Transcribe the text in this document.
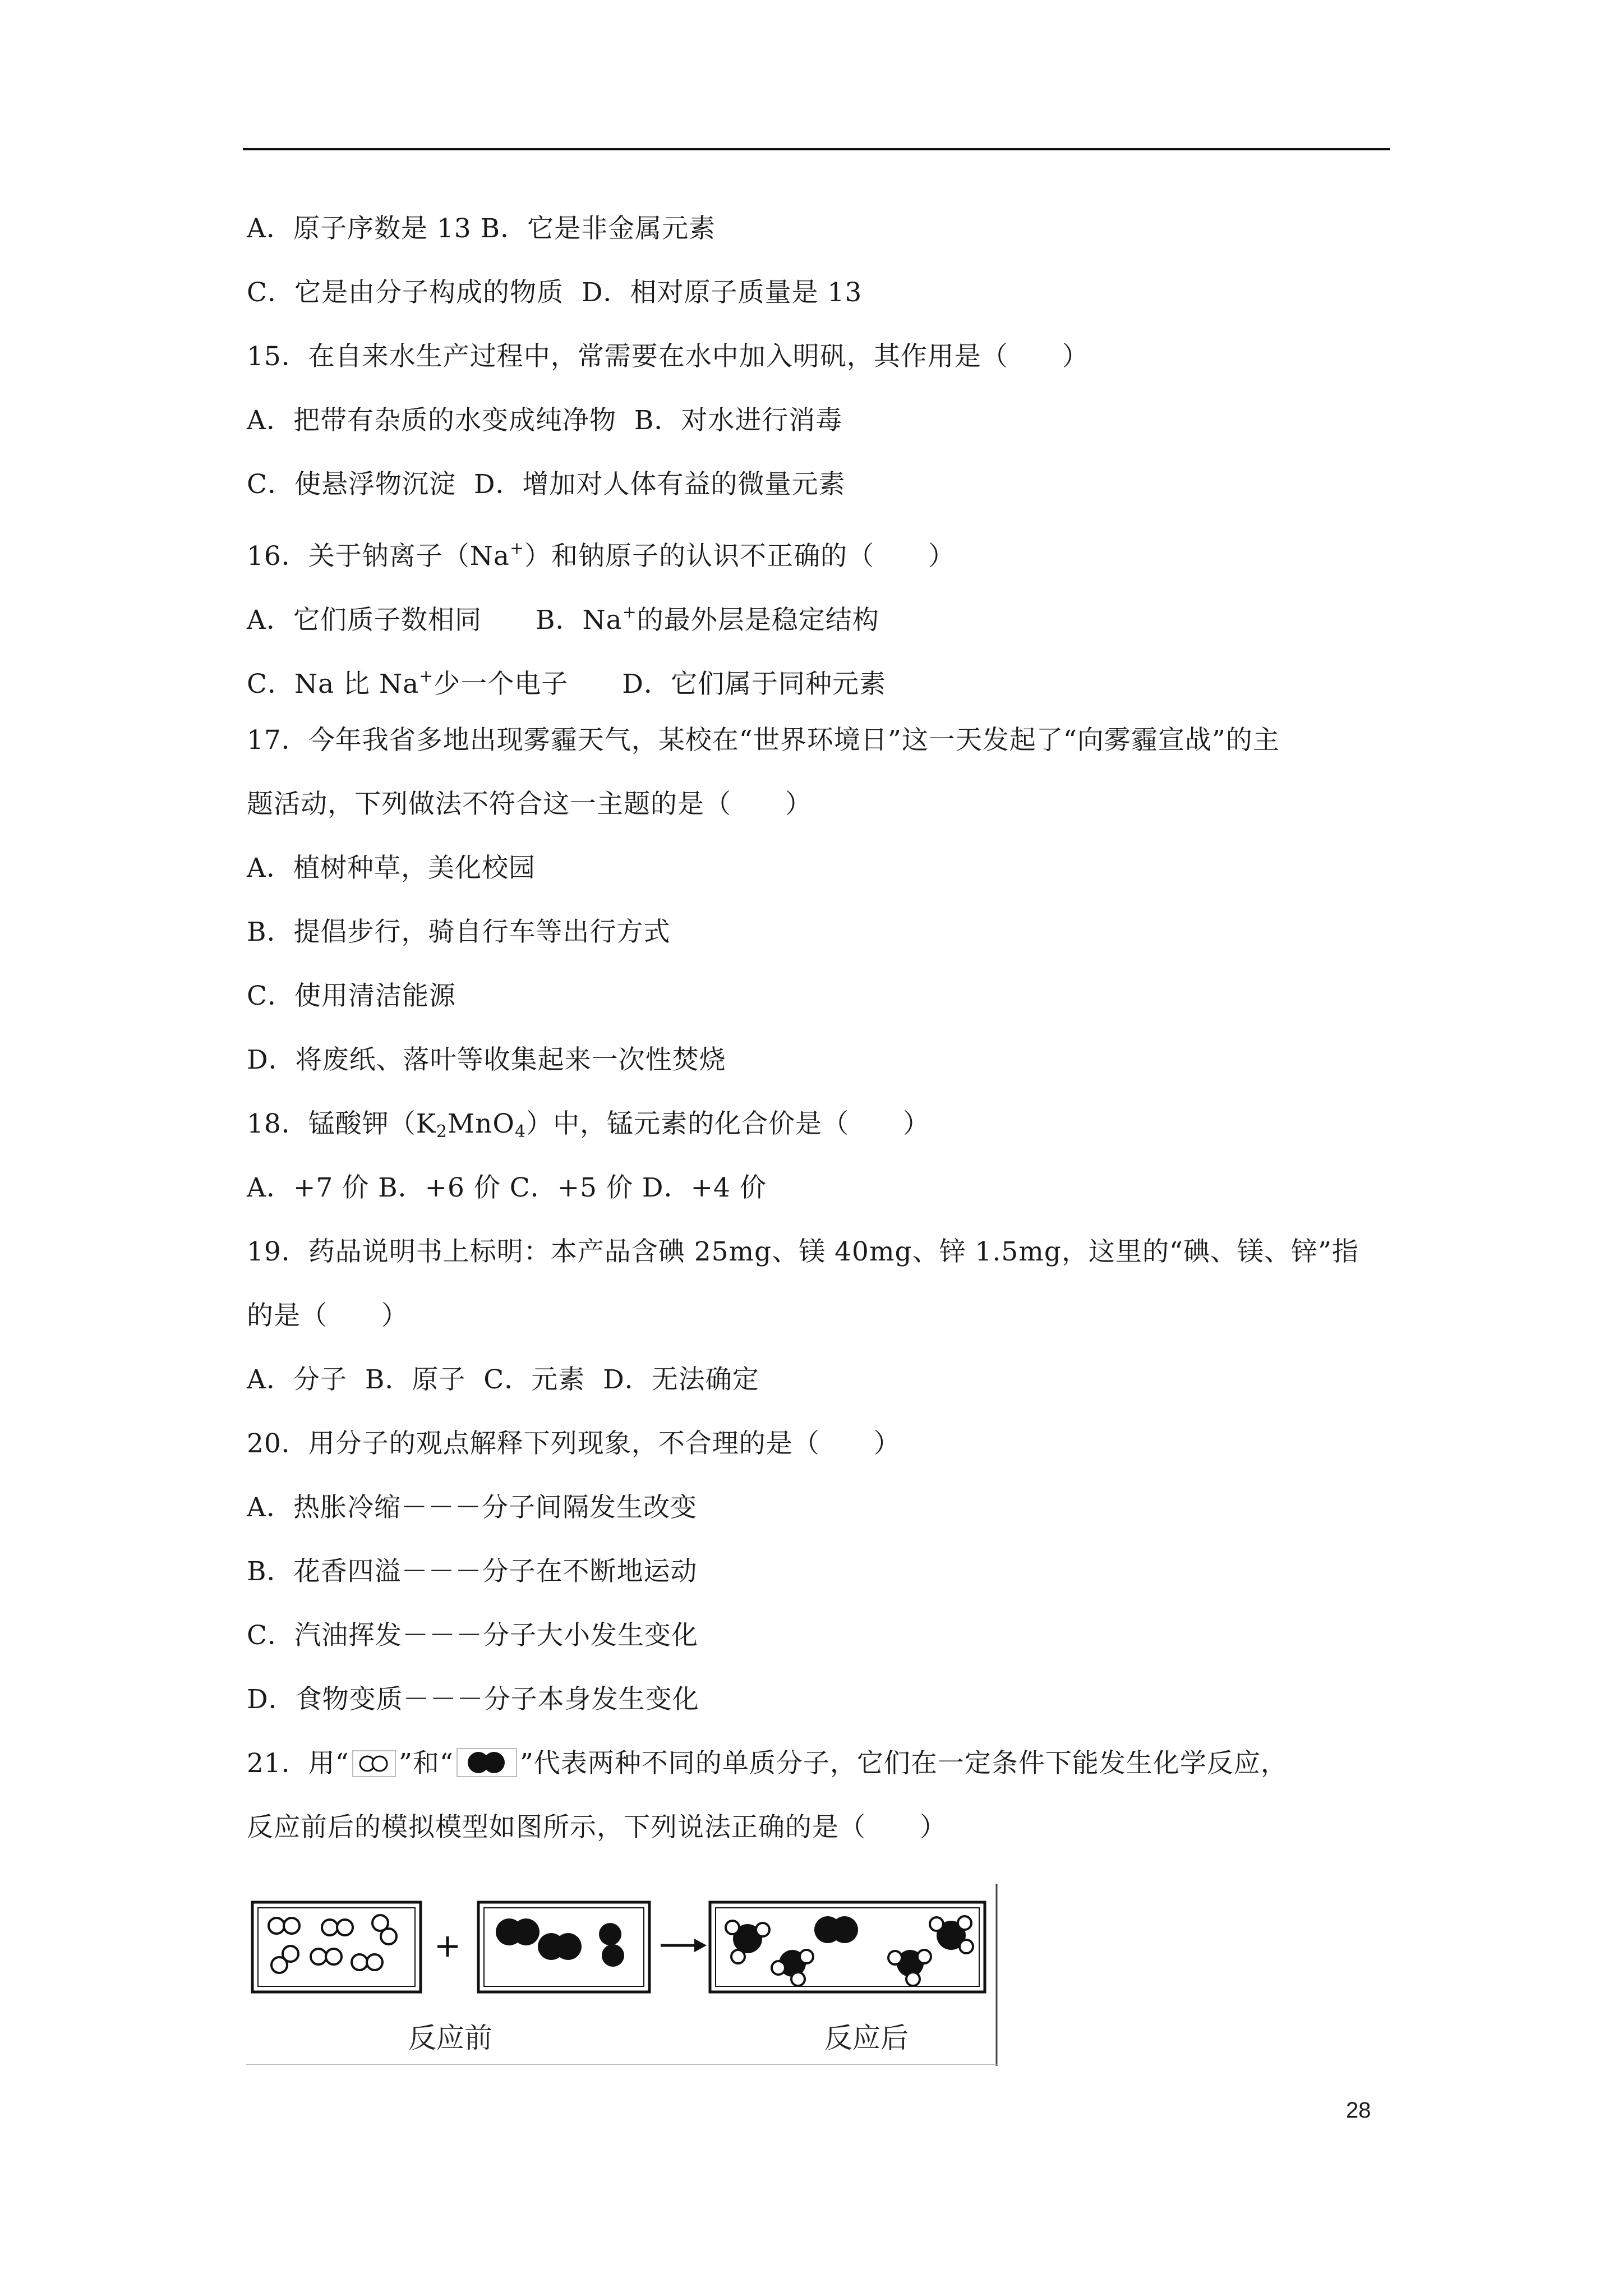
A．原子序数是 13 B．它是非金属元素
C．它是由分子构成的物质  D．相对原子质量是 13
15．在自来水生产过程中，常需要在水中加入明矾，其作用是（　　）
A．把带有杂质的水变成纯净物  B．对水进行消毒
C．使悬浮物沉淀  D．增加对人体有益的微量元素
16．关于钠离子（Na+）和钠原子的认识不正确的（　　）
A．它们质子数相同　　B．Na+的最外层是稳定结构
C．Na 比 Na+少一个电子　　D．它们属于同种元素
17．今年我省多地出现雾霾天气，某校在“世界环境日”这一天发起了“向雾霾宣战”的主
题活动，下列做法不符合这一主题的是（　　）
A．植树种草，美化校园
B．提倡步行，骑自行车等出行方式
C．使用清洁能源
D．将废纸、落叶等收集起来一次性焚烧
18．锰酸钾$(K_2MnO_4)$中，锰元素的化合价是（　　）
A．+7 价 B．+6 价 C．+5 价 D．+4 价
19．药品说明书上标明：本产品含碘 25mg、镁 40mg、锌 1.5mg，这里的“碘、镁、锌”指
的是（　　）
A．分子  B．原子  C．元素  D．无法确定
20．用分子的观点解释下列现象，不合理的是（　　）
A．热胀冷缩－－－分子间隔发生改变
B．花香四溢－－－分子在不断地运动
C．汽油挥发－－－分子大小发生变化
D．食物变质－－－分子本身发生变化
21．用“ ”和“	”代表两种不同的单质分子，它们在一定条件下能发生化学反应，
反应前后的模拟模型如图所示，下列说法正确的是（　　）
反应前	反应后
28
